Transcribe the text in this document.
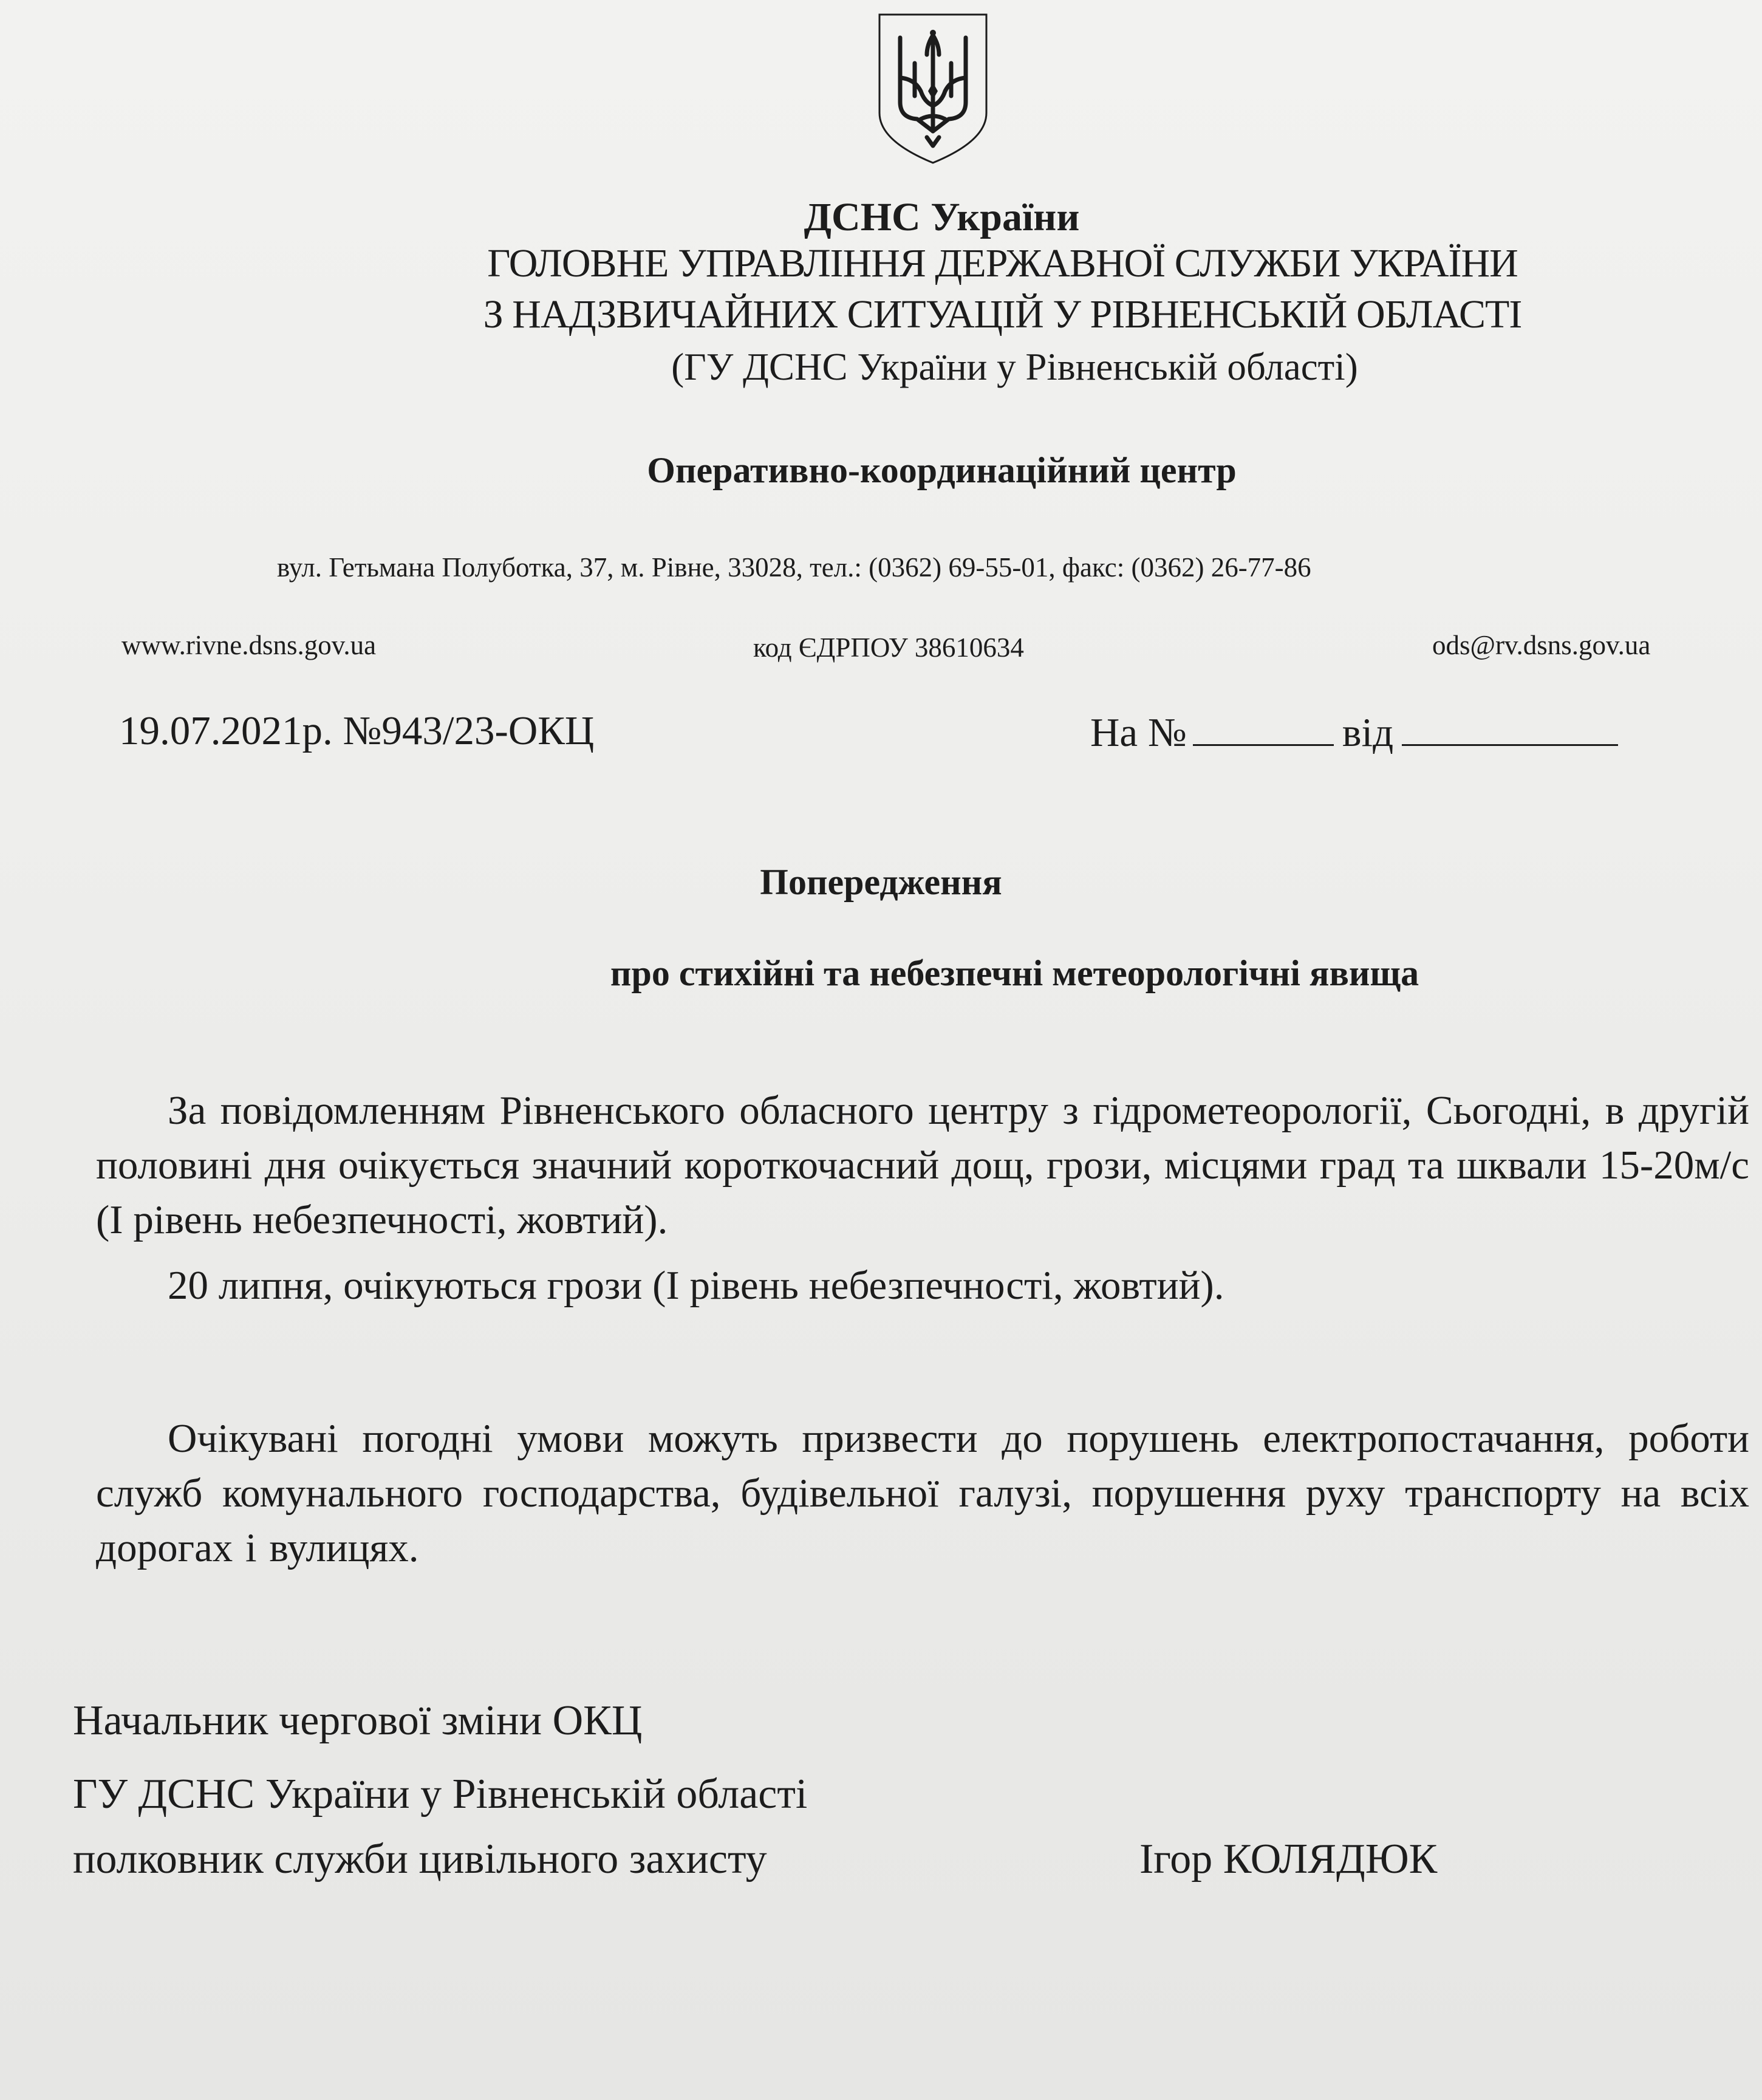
ДСНС України
ГОЛОВНЕ УПРАВЛІННЯ ДЕРЖАВНОЇ СЛУЖБИ УКРАЇНИ
З НАДЗВИЧАЙНИХ СИТУАЦІЙ У РІВНЕНСЬКІЙ ОБЛАСТІ
(ГУ ДСНС України у Рівненській області)
Оперативно-координаційний центр
вул. Гетьмана Полуботка, 37, м. Рівне, 33028, тел.: (0362) 69-55-01, факс: (0362) 26-77-86
www.rivne.dsns.gov.ua	код ЄДРПОУ 38610634	ods@rv.dsns.gov.ua
19.07.2021р. №943/23-ОКЦ	На №	від
Попередження
про стихійні та небезпечні метеорологічні явища

За повідомленням Рівненського обласного центру з гідрометеорології, Сьогодні, в другій половині дня очікується значний короткочасний дощ, грози, місцями град та шквали 15-20м/с (I рівень небезпечності, жовтий).

20 липня, очікуються грози (I рівень небезпечності, жовтий).

Очікувані погодні умови можуть призвести до порушень електропостачання, роботи служб комунального господарства, будівельної галузі, порушення руху транспорту на всіх дорогах і вулицях.

Начальник чергової зміни ОКЦ
ГУ ДСНС України у Рівненській області
полковник служби цивільного захисту	Ігор КОЛЯДЮК
